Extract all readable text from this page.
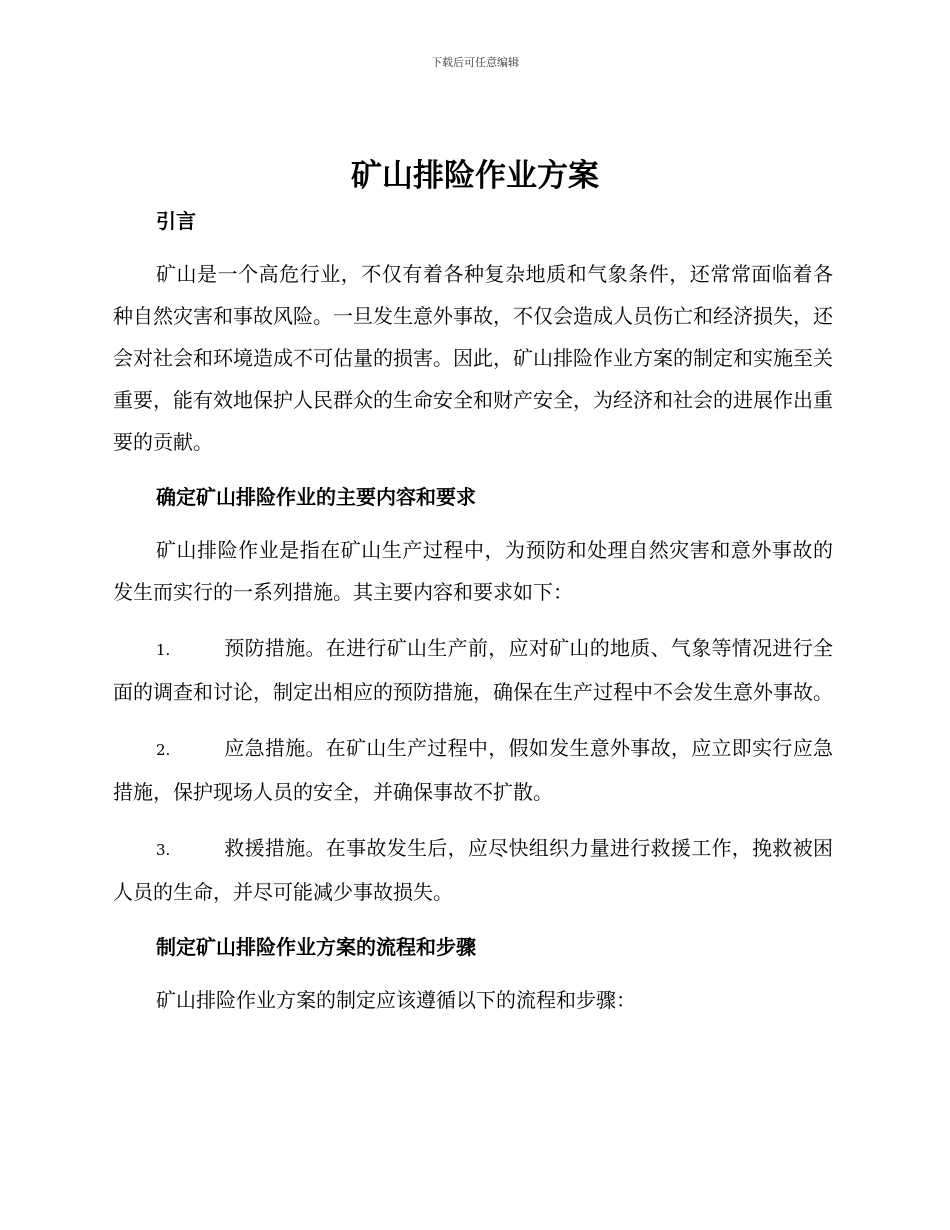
下载后可任意编辑
矿山排险作业方案

引言

矿山是一个高危行业，不仅有着各种复杂地质和气象条件，还常常面临着各种自然灾害和事故风险。一旦发生意外事故，不仅会造成人员伤亡和经济损失，还会对社会和环境造成不可估量的损害。因此，矿山排险作业方案的制定和实施至关重要，能有效地保护人民群众的生命安全和财产安全，为经济和社会的进展作出重要的贡献。

确定矿山排险作业的主要内容和要求

矿山排险作业是指在矿山生产过程中，为预防和处理自然灾害和意外事故的发生而实行的一系列措施。其主要内容和要求如下：

1.	预防措施。在进行矿山生产前，应对矿山的地质、气象等情况进行全面的调查和讨论，制定出相应的预防措施，确保在生产过程中不会发生意外事故。

2.	应急措施。在矿山生产过程中，假如发生意外事故，应立即实行应急措施，保护现场人员的安全，并确保事故不扩散。

3.	救援措施。在事故发生后，应尽快组织力量进行救援工作，挽救被困人员的生命，并尽可能减少事故损失。

制定矿山排险作业方案的流程和步骤

矿山排险作业方案的制定应该遵循以下的流程和步骤：
